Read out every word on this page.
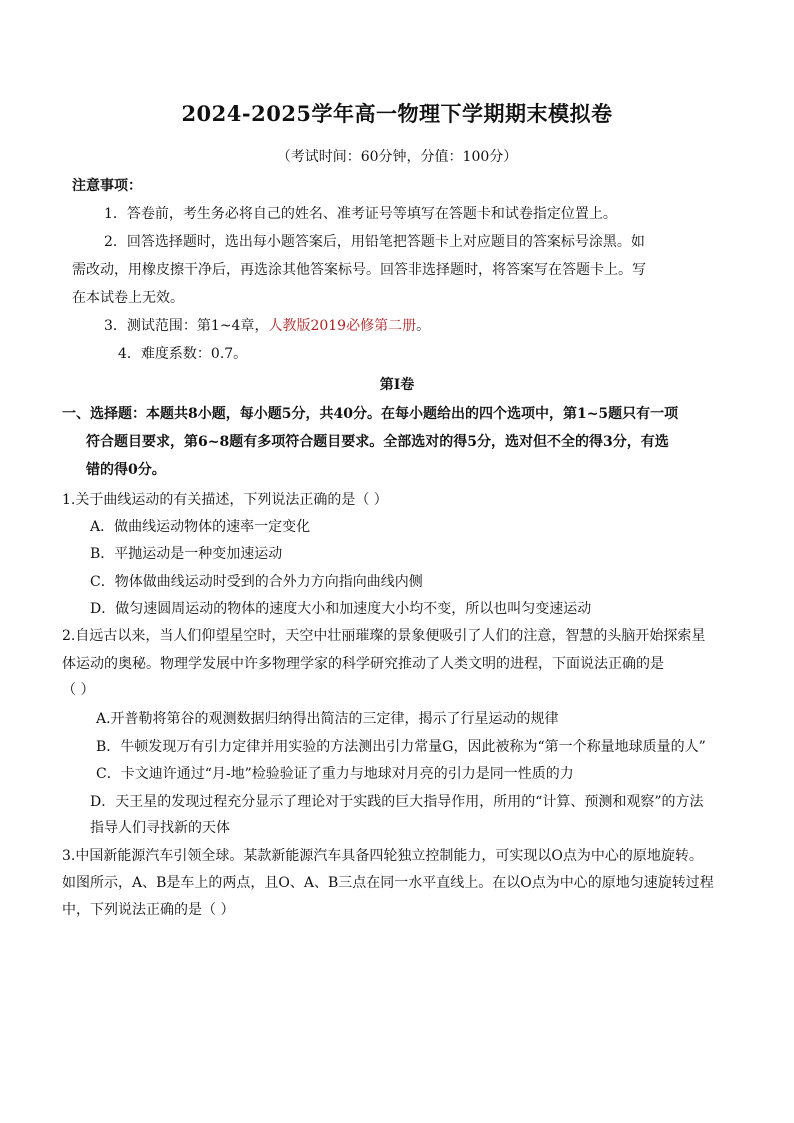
2024-2025学年高一物理下学期期末模拟卷
（考试时间：60分钟，分值：100分）
注意事项：
1．答卷前，考生务必将自己的姓名、准考证号等填写在答题卡和试卷指定位置上。
2．回答选择题时，选出每小题答案后，用铅笔把答题卡上对应题目的答案标号涂黑。如
需改动，用橡皮擦干净后，再选涂其他答案标号。回答非选择题时，将答案写在答题卡上。写
在本试卷上无效。
3．测试范围：第1~4章，人教版2019必修第二册。
4．难度系数：0.7。
第Ⅰ卷
一、选择题：本题共8小题，每小题5分，共40分。在每小题给出的四个选项中，第1~5题只有一项
符合题目要求，第6~8题有多项符合题目要求。全部选对的得5分，选对但不全的得3分，有选
错的得0分。
1.关于曲线运动的有关描述，下列说法正确的是（ ）
A．做曲线运动物体的速率一定变化
B．平抛运动是一种变加速运动
C．物体做曲线运动时受到的合外力方向指向曲线内侧
D．做匀速圆周运动的物体的速度大小和加速度大小均不变，所以也叫匀变速运动
2.自远古以来，当人们仰望星空时，天空中壮丽璀璨的景象便吸引了人们的注意，智慧的头脑开始探索星
体运动的奥秘。物理学发展中许多物理学家的科学研究推动了人类文明的进程，下面说法正确的是
（ ）
A.开普勒将第谷的观测数据归纳得出简洁的三定律，揭示了行星运动的规律
B．牛顿发现万有引力定律并用实验的方法测出引力常量G，因此被称为“第一个称量地球质量的人”
C．卡文迪许通过“月-地”检验验证了重力与地球对月亮的引力是同一性质的力
D．天王星的发现过程充分显示了理论对于实践的巨大指导作用，所用的“计算、预测和观察”的方法
指导人们寻找新的天体
3.中国新能源汽车引领全球。某款新能源汽车具备四轮独立控制能力，可实现以O点为中心的原地旋转。
如图所示，A、B是车上的两点，且O、A、B三点在同一水平直线上。在以O点为中心的原地匀速旋转过程
中，下列说法正确的是（ ）
